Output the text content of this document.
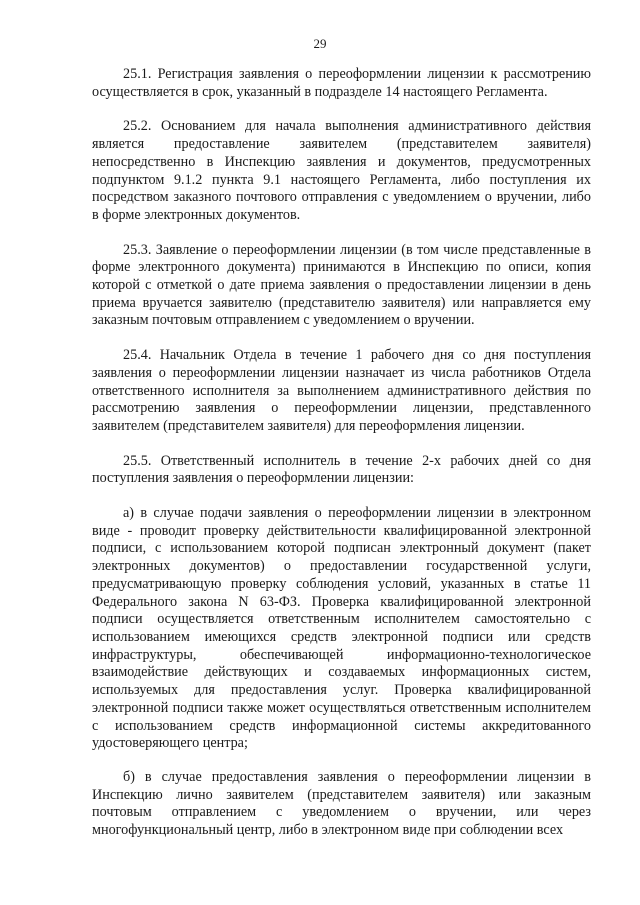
29

25.1. Регистрация заявления о переоформлении лицензии к рассмотрению осуществляется в срок, указанный в подразделе 14 настоящего Регламента.

25.2. Основанием для начала выполнения административного действия является предоставление заявителем (представителем заявителя) непосредственно в Инспекцию заявления и документов, предусмотренных подпунктом 9.1.2 пункта 9.1 настоящего Регламента, либо поступления их посредством заказного почтового отправления с уведомлением о вручении, либо в форме электронных документов.

25.3. Заявление о переоформлении лицензии (в том числе представленные в форме электронного документа) принимаются в Инспекцию по описи, копия которой с отметкой о дате приема заявления о предоставлении лицензии в день приема вручается заявителю (представителю заявителя) или направляется ему заказным почтовым отправлением с уведомлением о вручении.

25.4. Начальник Отдела в течение 1 рабочего дня со дня поступления заявления о переоформлении лицензии назначает из числа работников Отдела ответственного исполнителя за выполнением административного действия по рассмотрению заявления о переоформлении лицензии, представленного заявителем (представителем заявителя) для переоформления лицензии.

25.5. Ответственный исполнитель в течение 2-х рабочих дней со дня поступления заявления о переоформлении лицензии:

а) в случае подачи заявления о переоформлении лицензии в электронном виде - проводит проверку действительности квалифицированной электронной подписи, с использованием которой подписан электронный документ (пакет электронных документов) о предоставлении государственной услуги, предусматривающую проверку соблюдения условий, указанных в статье 11 Федерального закона N 63-ФЗ. Проверка квалифицированной электронной подписи осуществляется ответственным исполнителем самостоятельно с использованием имеющихся средств электронной подписи или средств инфраструктуры, обеспечивающей информационно-технологическое взаимодействие действующих и создаваемых информационных систем, используемых для предоставления услуг. Проверка квалифицированной электронной подписи также может осуществляться ответственным исполнителем с использованием средств информационной системы аккредитованного удостоверяющего центра;

б) в случае предоставления заявления о переоформлении лицензии в Инспекцию лично заявителем (представителем заявителя) или заказным почтовым отправлением с уведомлением о вручении, или через многофункциональный центр, либо в электронном виде при соблюдении всех
